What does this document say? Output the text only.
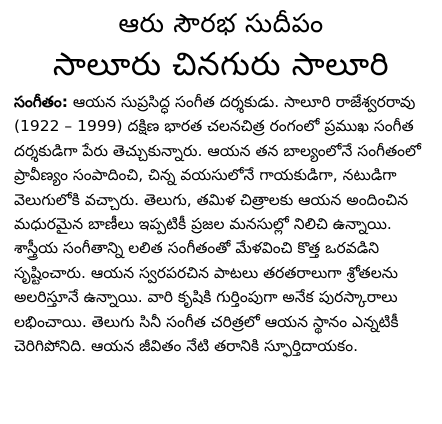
ఆరు సౌరభ సుదీపం
సాలూరు చినగురు సాలూరి

సంగీతం: ఆయన సుప్రసిద్ధ సంగీత దర్శకుడు. సాలూరి రాజేశ్వరరావు (1922 – 1999) దక్షిణ భారత చలనచిత్ర రంగంలో ప్రముఖ సంగీత దర్శకుడిగా పేరు తెచ్చుకున్నారు. ఆయన తన బాల్యంలోనే సంగీతంలో ప్రావీణ్యం సంపాదించి, చిన్న వయసులోనే గాయకుడిగా, నటుడిగా వెలుగులోకి వచ్చారు. తెలుగు, తమిళ చిత్రాలకు ఆయన అందించిన మధురమైన బాణీలు ఇప్పటికీ ప్రజల మనసుల్లో నిలిచి ఉన్నాయి. శాస్త్రీయ సంగీతాన్ని లలిత సంగీతంతో మేళవించి కొత్త ఒరవడిని సృష్టించారు. ఆయన స్వరపరచిన పాటలు తరతరాలుగా శ్రోతలను అలరిస్తూనే ఉన్నాయి. వారి కృషికి గుర్తింపుగా అనేక పురస్కారాలు లభించాయి. తెలుగు సినీ సంగీత చరిత్రలో ఆయన స్థానం ఎన్నటికీ చెరిగిపోనిది. ఆయన జీవితం నేటి తరానికి స్ఫూర్తిదాయకం.
